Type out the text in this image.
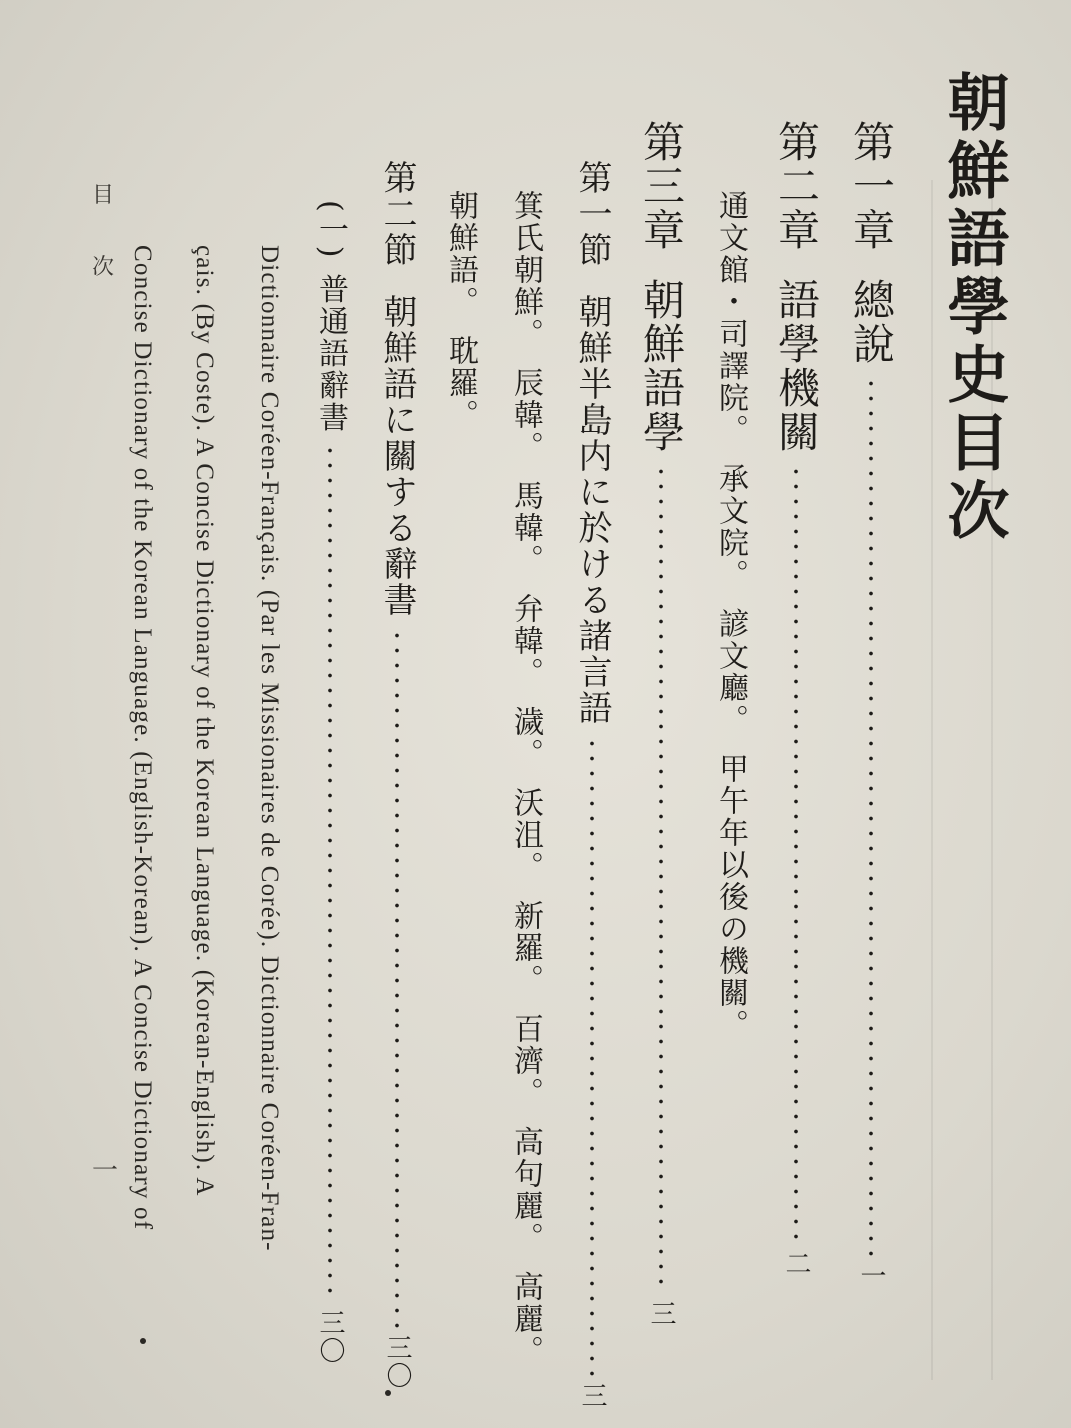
朝鮮語學史目次
第一章總說一
第二章語學機關二
通文館・司譯院。　承文院。　諺文廳。　甲午年以後の機關。
第三章朝鮮語學三
第一節朝鮮半島内に於ける諸言語三
箕氏朝鮮。　辰韓。　馬韓。　弁韓。　濊。　沃沮。　新羅。　百濟。　高句麗。　高麗。
朝鮮語。　耽羅。
第二節朝鮮語に關する辭書三〇
(一)普通語辭書三〇
Dictionnaire Coréen-Français. (Par les Missionaires de Corée). Dictionnaire Coréen-Fran-
çais. (By Coste). A Concise Dictionary of the Korean Language. (Korean-English). A
Concise Dictionary of the Korean Language. (English-Korean). A Concise Dictionary of
目
次
一
